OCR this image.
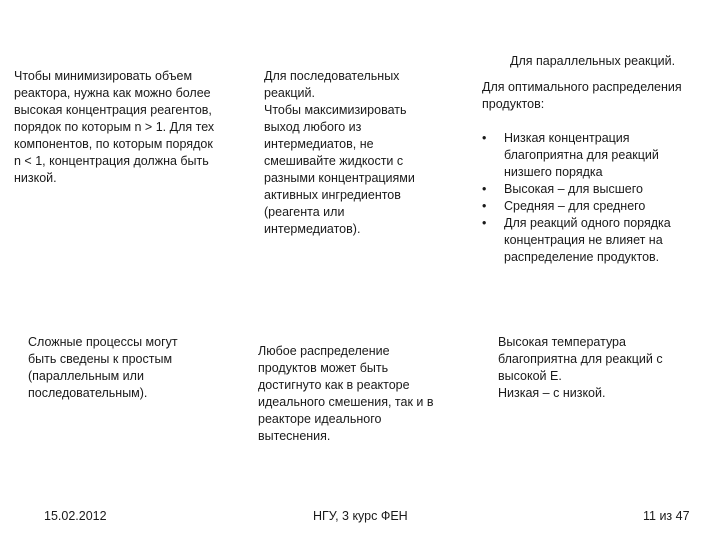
Чтобы минимизировать объем
реактора, нужна как можно более
высокая концентрация реагентов,
порядок по которым n > 1. Для тех
компонентов, по которым порядок
n < 1, концентрация должна быть
низкой.
Для последовательных
реакций.
Чтобы максимизировать
выход любого из
интермедиатов, не
смешивайте жидкости с
разными концентрациями
активных ингредиентов
(реагента или
интермедиатов).
Для параллельных реакций.
Для оптимального распределения
продуктов:
• Низкая концентрация
благоприятна для реакций
низшего порядка
• Высокая – для высшего
• Средняя – для среднего
• Для реакций одного порядка
концентрация не влияет на
распределение продуктов.
Сложные процессы могут
быть сведены к простым
(параллельным или
последовательным).
Любое распределение
продуктов может быть
достигнуто как в реакторе
идеального смешения, так и в
реакторе идеального
вытеснения.
Высокая температура
благоприятна для реакций с
высокой E.
Низкая – с низкой.
15.02.2012	НГУ, 3 курс ФЕН	11 из 47
